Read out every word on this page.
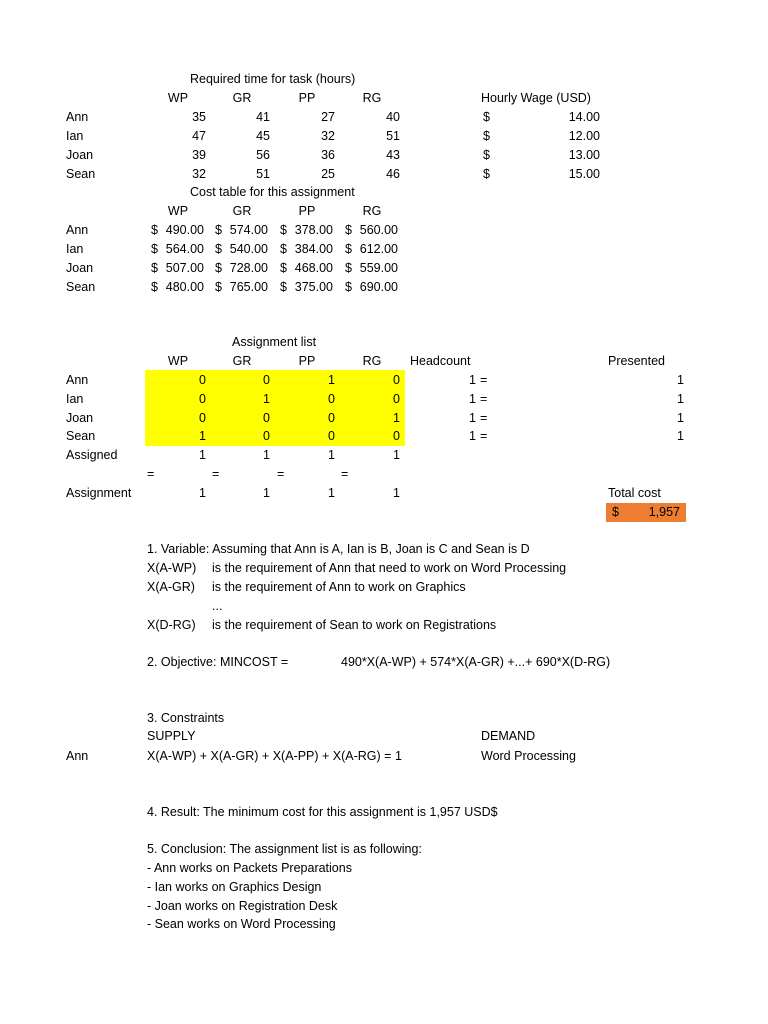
Required time for task (hours)
WP	GR	PP	RG	Hourly Wage (USD)
Ann	35	41	27	40	$	14.00
Ian	47	45	32	51	$	12.00
Joan	39	56	36	43	$	13.00
Sean	32	51	25	46	$	15.00
Cost table for this assignment
WP	GR	PP	RG
Ann	$ 490.00 $ 574.00 $ 378.00 $ 560.00
Ian	$ 564.00 $ 540.00 $ 384.00 $ 612.00
Joan	$ 507.00 $ 728.00 $ 468.00 $ 559.00
Sean	$ 480.00 $ 765.00 $ 375.00 $ 690.00
Assignment list
WP	GR	PP	RG	Headcount	Presented
Ann	0	0	1	0	1 =	1
Ian	0	1	0	0	1 =	1
Joan	0	0	0	1	1 =	1
Sean	1	0	0	0	1 =	1
Assigned	1	1	1	1
=	=	=	=
Assignment	1	1	1	1	Total cost
$	1,957
1. Variable: Assuming that Ann is A, Ian is B, Joan is C and Sean is D
X(A-WP) is the requirement of Ann that need to work on Word Processing
X(A-GR) is the requirement of Ann to work on Graphics
...
X(D-RG) is the requirement of Sean to work on Registrations
2. Objective: MINCOST =	490*X(A-WP) + 574*X(A-GR) +...+ 690*X(D-RG)
3. Constraints
SUPPLY	DEMAND
Ann	X(A-WP) + X(A-GR) + X(A-PP) + X(A-RG) = 1	Word Processing
4. Result: The minimum cost for this assignment is 1,957 USD$
5. Conclusion: The assignment list is as following:
- Ann works on Packets Preparations
- Ian works on Graphics Design
- Joan works on Registration Desk
- Sean works on Word Processing
